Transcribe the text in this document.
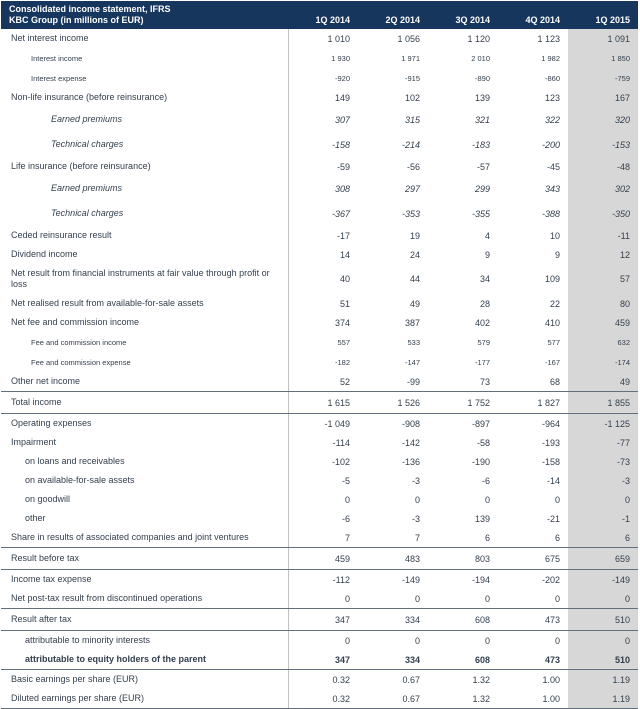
Consolidated income statement, IFRS
KBC Group (in millions of EUR)	1Q 2014	2Q 2014	3Q 2014	4Q 2014	1Q 2015
Net interest income	1 010	1 056	1 120	1 123	1 091
Interest income	1 930	1 971	2 010	1 982	1 850
Interest expense	-920	-915	-890	-860	-759
Non-life insurance (before reinsurance)	149	102	139	123	167
Earned premiums	307	315	321	322	320
Technical charges	-158	-214	-183	-200	-153
Life insurance (before reinsurance)	-59	-56	-57	-45	-48
Earned premiums	308	297	299	343	302
Technical charges	-367	-353	-355	-388	-350
Ceded reinsurance result	-17	19	4	10	-11
Dividend income	14	24	9	9	12
Net result from financial instruments at fair value through profit or loss	40	44	34	109	57
Net realised result from available-for-sale assets	51	49	28	22	80
Net fee and commission income	374	387	402	410	459
Fee and commission income	557	533	579	577	632
Fee and commission expense	-182	-147	-177	-167	-174
Other net income	52	-99	73	68	49
Total income	1 615	1 526	1 752	1 827	1 855
Operating expenses	-1 049	-908	-897	-964	-1 125
Impairment	-114	-142	-58	-193	-77
on loans and receivables	-102	-136	-190	-158	-73
on available-for-sale assets	-5	-3	-6	-14	-3
on goodwill	0	0	0	0	0
other	-6	-3	139	-21	-1
Share in results of associated companies and joint ventures	7	7	6	6	6
Result before tax	459	483	803	675	659
Income tax expense	-112	-149	-194	-202	-149
Net post-tax result from discontinued operations	0	0	0	0	0
Result after tax	347	334	608	473	510
attributable to minority interests	0	0	0	0	0
attributable to equity holders of the parent	347	334	608	473	510
Basic earnings per share (EUR)	0.32	0.67	1.32	1.00	1.19
Diluted earnings per share (EUR)	0.32	0.67	1.32	1.00	1.19
